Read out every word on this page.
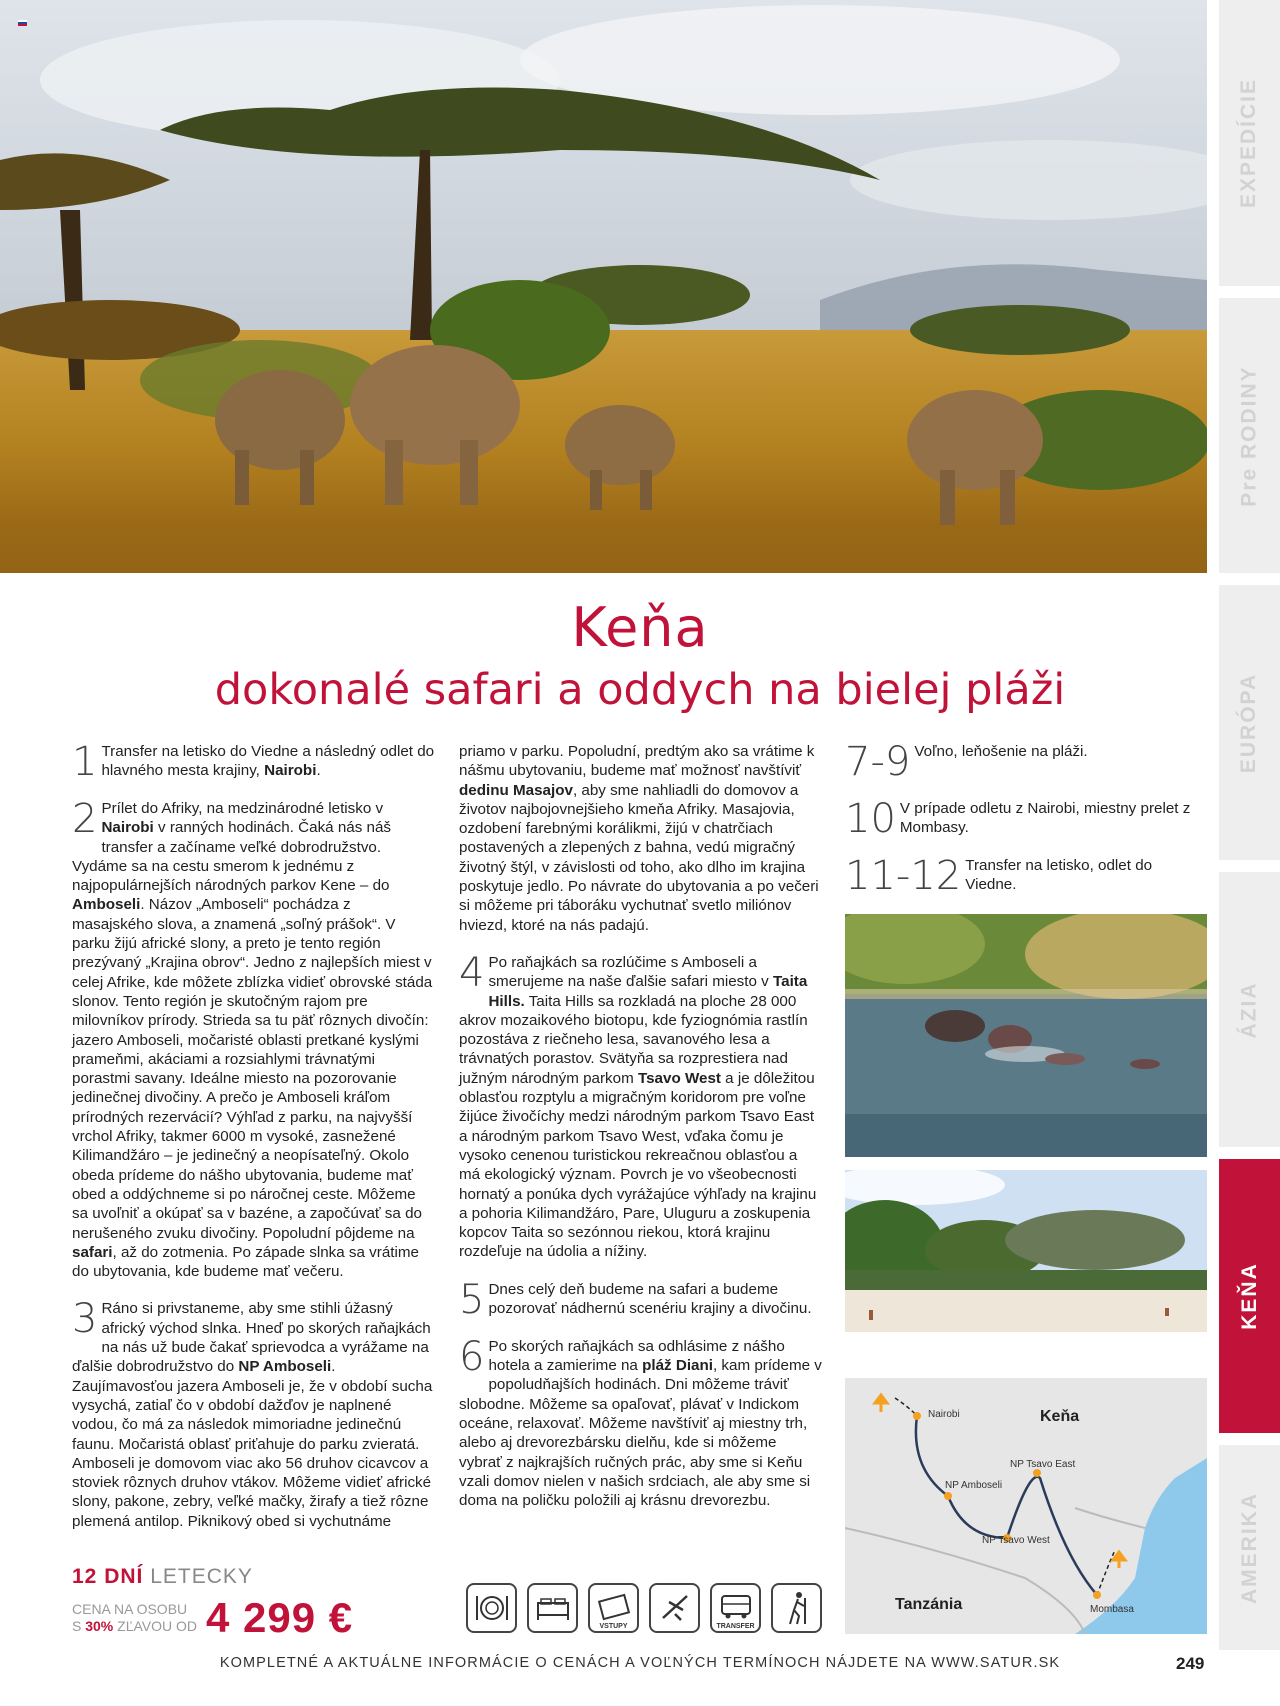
EXPEDÍCIE
Pre RODINY
EURÓPA
ÁZIA
KEŇA
AMERIKA
Keňa
dokonalé safari a oddych na bielej pláži
1 Transfer na letisko do Viedne a následný odlet do hlavného mesta krajiny, Nairobi.
2 Prílet do Afriky, na medzinárodné letisko v Nairobi v ranných hodinách. Čaká nás náš transfer a začíname veľké dobrodružstvo. Vydáme sa na cestu smerom k jednému z najpopulárnejších národných parkov Kene – do Amboseli. Názov „Amboseli“ pochádza z masajského slova, a znamená „soľný prášok“. V parku žijú africké slony, a preto je tento región prezývaný „Krajina obrov“. Jedno z najlepších miest v celej Afrike, kde môžete zblízka vidieť obrovské stáda slonov. Tento región je skutočným rajom pre milovníkov prírody. Strieda sa tu päť rôznych divočín: jazero Amboseli, močaristé oblasti pretkané kyslými prameňmi, akáciami a rozsiahlymi trávnatými porastmi savany. Ideálne miesto na pozorovanie jedinečnej divočiny. A prečo je Amboseli kráľom prírodných rezervácií? Výhľad z parku, na najvyšší vrchol Afriky, takmer 6000 m vysoké, zasnežené Kilimandžáro – je jedinečný a neopísateľný. Okolo obeda prídeme do nášho ubytovania, budeme mať obed a oddýchneme si po náročnej ceste. Môžeme sa uvoľniť a okúpať sa v bazéne, a započúvať sa do nerušeného zvuku divočiny. Popoludní pôjdeme na safari, až do zotmenia. Po západe slnka sa vrátime do ubytovania, kde budeme mať večeru.
3 Ráno si privstaneme, aby sme stihli úžasný africký východ slnka. Hneď po skorých raňajkách na nás už bude čakať sprievodca a vyrážame na ďalšie dobrodružstvo do NP Amboseli. Zaujímavosťou jazera Amboseli je, že v období sucha vysychá, zatiaľ čo v období dažďov je naplnené vodou, čo má za následok mimoriadne jedinečnú faunu. Močaristá oblasť priťahuje do parku zvieratá. Amboseli je domovom viac ako 56 druhov cicavcov a stoviek rôznych druhov vtákov. Môžeme vidieť africké slony, pakone, zebry, veľké mačky, žirafy a tiež rôzne plemená antilop. Piknikový obed si vychutnáme
priamo v parku. Popoludní, predtým ako sa vrátime k nášmu ubytovaniu, budeme mať možnosť navštíviť dedinu Masajov, aby sme nahliadli do domovov a životov najbojovnejšieho kmeňa Afriky. Masajovia, ozdobení farebnými korálikmi, žijú v chatrčiach postavených a zlepených z bahna, vedú migračný životný štýl, v závislosti od toho, ako dlho im krajina poskytuje jedlo. Po návrate do ubytovania a po večeri si môžeme pri táboráku vychutnať svetlo miliónov hviezd, ktoré na nás padajú.
4 Po raňajkách sa rozlúčime s Amboseli a smerujeme na naše ďalšie safari miesto v Taita Hills. Taita Hills sa rozkladá na ploche 28 000 akrov mozaikového biotopu, kde fyziognómia rastlín pozostáva z riečneho lesa, savanového lesa a trávnatých porastov. Svätyňa sa rozprestiera nad južným národným parkom Tsavo West a je dôležitou oblasťou rozptylu a migračným koridorom pre voľne žijúce živočíchy medzi národným parkom Tsavo East a národným parkom Tsavo West, vďaka čomu je vysoko cenenou turistickou rekreačnou oblasťou a má ekologický význam. Povrch je vo všeobecnosti hornatý a ponúka dych vyrážajúce výhľady na krajinu a pohoria Kilimandžáro, Pare, Uluguru a zoskupenia kopcov Taita so sezónnou riekou, ktorá krajinu rozdeľuje na údolia a nížiny.
5 Dnes celý deň budeme na safari a budeme pozorovať nádhernú scenériu krajiny a divočinu.
6 Po skorých raňajkách sa odhlásime z nášho hotela a zamierime na pláž Diani, kam prídeme v popoludňajších hodinách. Dni môžeme tráviť slobodne. Môžeme sa opaľovať, plávať v Indickom oceáne, relaxovať. Môžeme navštíviť aj miestny trh, alebo aj drevorezbársku dielňu, kde si môžeme vybrať z najkrajších ručných prác, aby sme si Keňu vzali domov nielen v našich srdciach, ale aby sme si doma na poličku položili aj krásnu drevorezbu.
7-9 Voľno, leňošenie na pláži.
10 V prípade odletu z Nairobi, miestny prelet z Mombasy.
11-12 Transfer na letisko, odlet do Viedne.
Keňa
Tanzánia
Nairobi
NP Amboseli
NP Tsavo East
NP Tsavo West
Mombasa
12 DNÍ LETECKY
CENA NA OSOBU
S 30% ZĽAVOU OD 4 299 €	VSTUPY	TRANSFER
KOMPLETNÉ A AKTUÁLNE INFORMÁCIE O CENÁCH A VOĽNÝCH TERMÍNOCH NÁJDETE NA WWW.SATUR.SK	249
